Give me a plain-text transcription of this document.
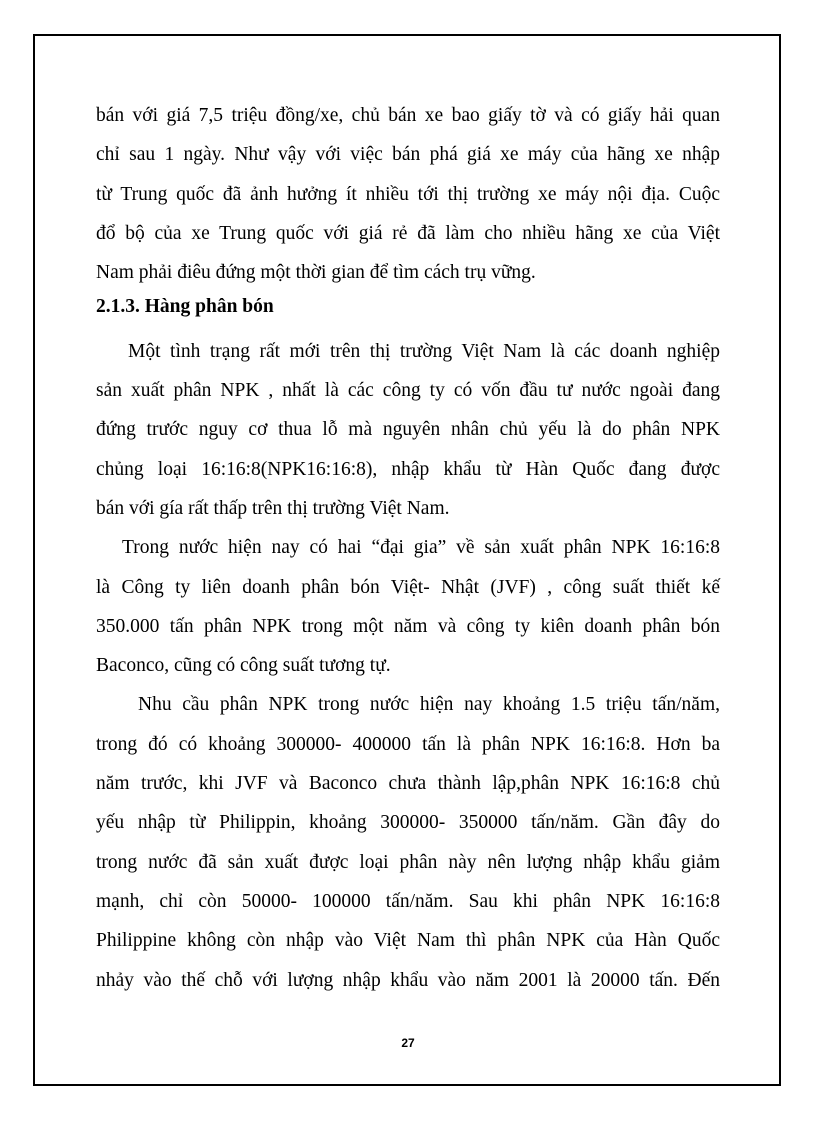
bán với giá 7,5 triệu đồng/xe, chủ bán xe bao giấy tờ và có giấy hải quan
chỉ sau 1 ngày. Như vậy với việc bán phá giá xe máy của hãng xe nhập
từ Trung quốc đã ảnh hưởng ít nhiều tới thị trường xe máy nội địa. Cuộc
đổ bộ của xe Trung quốc với giá rẻ đã làm cho nhiều hãng xe của Việt
Nam phải điêu đứng một thời gian để tìm cách trụ vững.
2.1.3. Hàng phân bón
Một tình trạng rất mới trên thị trường Việt Nam là các doanh nghiệp
sản xuất phân NPK , nhất là các công ty có vốn đầu tư nước ngoài đang
đứng trước nguy cơ thua lỗ mà nguyên nhân chủ yếu là do phân NPK
chủng loại 16:16:8(NPK16:16:8), nhập khẩu từ Hàn Quốc đang được
bán với gía rất thấp trên thị trường Việt Nam.
Trong nước hiện nay có hai “đại gia” về sản xuất phân NPK 16:16:8
là Công ty liên doanh phân bón Việt- Nhật (JVF) , công suất thiết kế
350.000 tấn phân NPK trong một năm và công ty kiên doanh phân bón
Baconco, cũng có công suất tương tự.
Nhu cầu phân NPK trong nước hiện nay khoảng 1.5 triệu tấn/năm,
trong đó có khoảng 300000- 400000 tấn là phân NPK 16:16:8. Hơn ba
năm trước, khi JVF và Baconco chưa thành lập,phân NPK 16:16:8 chủ
yếu nhập từ Philippin, khoảng 300000- 350000 tấn/năm. Gần đây do
trong nước đã sản xuất được loại phân này nên lượng nhập khẩu giảm
mạnh, chỉ còn 50000- 100000 tấn/năm. Sau khi phân NPK 16:16:8
Philippine không còn nhập vào Việt Nam thì phân NPK của Hàn Quốc
nhảy vào thế chỗ với lượng nhập khẩu vào năm 2001 là 20000 tấn. Đến
27
